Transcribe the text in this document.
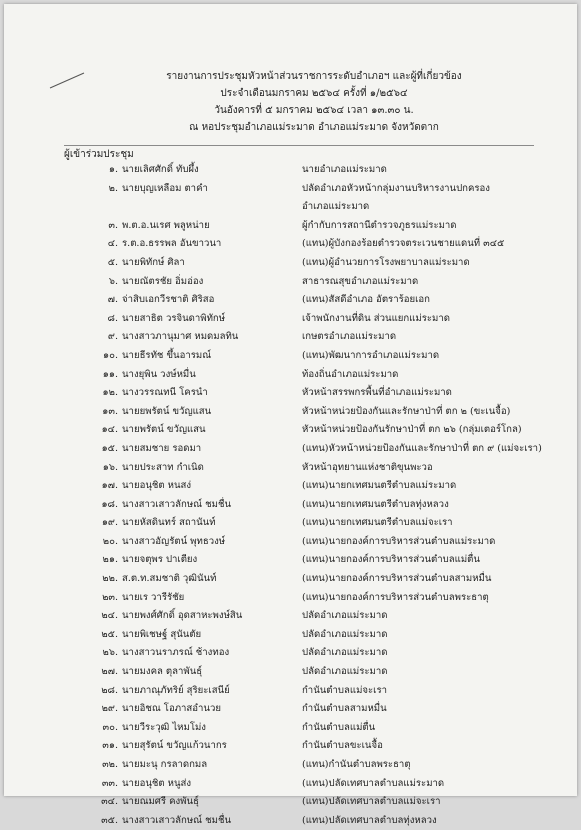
รายงานการประชุมหัวหน้าส่วนราชการระดับอำเภอฯ และผู้ที่เกี่ยวข้อง
ประจำเดือนมกราคม ๒๕๖๔ ครั้งที่ ๑/๒๕๖๔
วันอังคารที่ ๕ มกราคม ๒๕๖๔ เวลา ๑๓.๓๐ น.
ณ หอประชุมอำเภอแม่ระมาด อำเภอแม่ระมาด จังหวัดตาก
ผู้เข้าร่วมประชุม
๑. นายเลิศศักดิ์ ทับผึ้ง	นายอำเภอแม่ระมาด
๒. นายบุญเหลือม ตาคำ	ปลัดอำเภอหัวหน้ากลุ่มงานบริหารงานปกครอง
อำเภอแม่ระมาด
๓. พ.ต.อ.นเรศ พลูหน่าย	ผู้กำกับการสถานีตำรวจภูธรแม่ระมาด
๔. ร.ต.อ.ธรรพล อันขาวนา	(แทน)ผู้บังกองร้อยตำรวจตระเวนชายแดนที่ ๓๔๕
๕. นายพิทักษ์ ศิลา	(แทน)ผู้อำนวยการโรงพยาบาลแม่ระมาด
๖. นายณัตรชัย อิ่มอ่อง	สาธารณสุขอำเภอแม่ระมาด
๗. จ่าสิบเอกวีรชาติ ศิริสอ	(แทน)สัสดีอำเภอ อัตราร้อยเอก
๘. นายสาธิต วรจินดาพิทักษ์	เจ้าพนักงานที่ดิน ส่วนแยกแม่ระมาด
๙. นางสาวภานุมาศ หมดมลทิน	เกษตรอำเภอแม่ระมาด
๑๐. นายธีรทัช ขึ้นอารมณ์	(แทน)พัฒนาการอำเภอแม่ระมาด
๑๑. นางยุพิน วงษ์หมื่น	ท้องถิ่นอำเภอแม่ระมาด
๑๒. นางวรรณทนี โครนำ	หัวหน้าสรรพกรพื้นที่อำเภอแม่ระมาด
๑๓. นายยพรัตน์ ขวัญแสน	หัวหน้าหน่วยป้องกันและรักษาป่าที่ ตก ๒ (ขะเนจื้อ)
๑๔. นายพรัตน์ ขวัญแสน	หัวหน้าหน่วยป้องกันรักษาป่าที่ ตก ๒๖ (กลุ่มเตอร์โกล)
๑๕. นายสมชาย รอดมา	(แทน)หัวหน้าหน่วยป้องกันและรักษาป่าที่ ตก ๙ (แม่จะเรา)
๑๖. นายประสาท กำเนิด	หัวหน้าอุทยานแห่งชาติขุนพะวอ
๑๗. นายอนุชิต หนสง่	(แทน)นายกเทศมนตรีตำบลแม่ระมาด
๑๘. นางสาวเสาวลักษณ์ ชมชื่น	(แทน)นายกเทศมนตรีตำบลทุ่งหลวง
๑๙. นายหัสดินทร์ สถานันท์	(แทน)นายกเทศมนตรีตำบลแม่จะเรา
๒๐. นางสาวอัญรัตน์ พุทธวงษ์	(แทน)นายกองค์การบริหารส่วนตำบลแม่ระมาด
๒๑. นายจตุพร ปาเตียง	(แทน)นายกองค์การบริหารส่วนตำบลแม่ตื่น
๒๒. ส.ต.ท.สมชาติ วุฒินันท์	(แทน)นายกองค์การบริหารส่วนตำบลสามหมื่น
๒๓. นายเร วารีรัชัย	(แทน)นายกองค์การบริหารส่วนตำบลพระธาตุ
๒๔. นายพงศ์ศักดิ์ อุดสาหะพงษ์สิน	ปลัดอำเภอแม่ระมาด
๒๕. นายพิเชษฐ์ สุนันตัย	ปลัดอำเภอแม่ระมาด
๒๖. นางสาวนราภรณ์ ช้างทอง	ปลัดอำเภอแม่ระมาด
๒๗. นายมงคล ตุลาพันธุ์	ปลัดอำเภอแม่ระมาด
๒๘. นายภาณุภัทริย์ สุริยะเสนีย์	กำนันตำบลแม่จะเรา
๒๙. นายอิชณ โอภาสอำนวย	กำนันตำบลสามหมื่น
๓๐. นายวีระวุฒิ ไหมโม่ง	กำนันตำบลแม่ตื่น
๓๑. นายสุรัตน์ ขวัญแก้วนากร	กำนันตำบลขะเนจื้อ
๓๒. นายมะนุ กรลาดกมล	(แทน)กำนันตำบลพระธาตุ
๓๓. นายอนุชิต หนูส่ง	(แทน)ปลัดเทศบาลตำบลแม่ระมาด
๓๔. นายณมศรี คงพันธุ์	(แทน)ปลัดเทศบาลตำบลแม่จะเรา
๓๕. นางสาวเสาวลักษณ์ ชมชื่น	(แทน)ปลัดเทศบาลตำบลทุ่งหลวง
